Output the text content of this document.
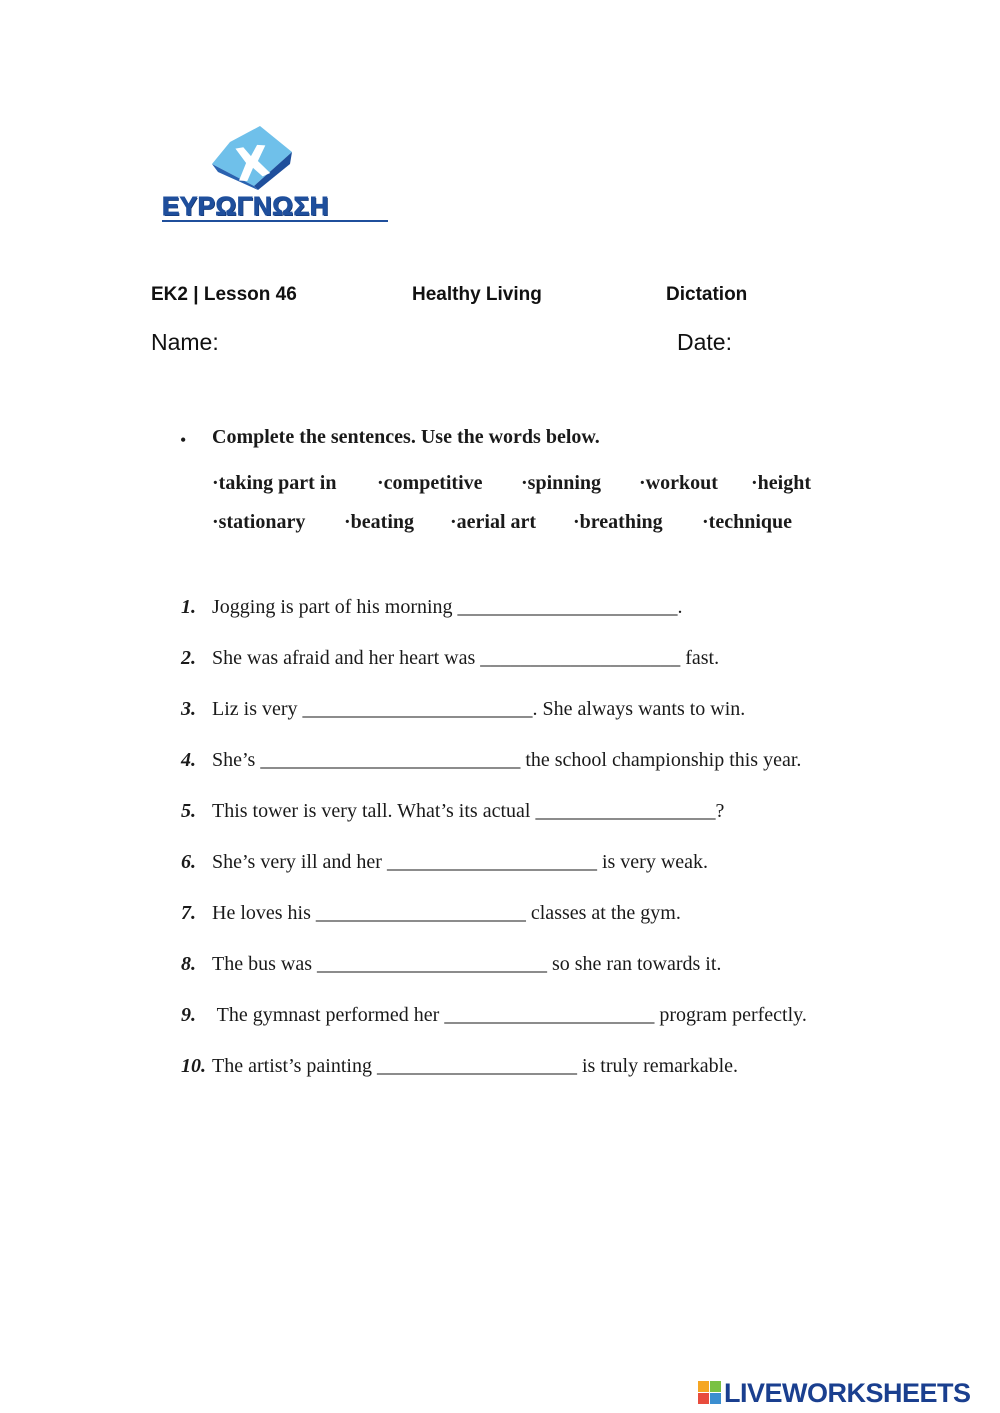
ΕΥΡΩΓΝΩΣΗ
EK2 | Lesson 46	Healthy Living	Dictation
Name:	Date:
• Complete the sentences. Use the words below.
·taking part in ·competitive ·spinning ·workout ·height
·stationary ·beating ·aerial art ·breathing ·technique
1. Jogging is part of his morning ______________________.
2. She was afraid and her heart was ____________________ fast.
3. Liz is very _______________________. She always wants to win.
4. She’s __________________________ the school championship this year.
5. This tower is very tall. What’s its actual __________________?
6. She’s very ill and her _____________________ is very weak.
7. He loves his _____________________ classes at the gym.
8. The bus was _______________________ so she ran towards it.
9. The gymnast performed her _____________________ program perfectly.
10. The artist’s painting ____________________ is truly remarkable.
LIVEWORKSHEETS
